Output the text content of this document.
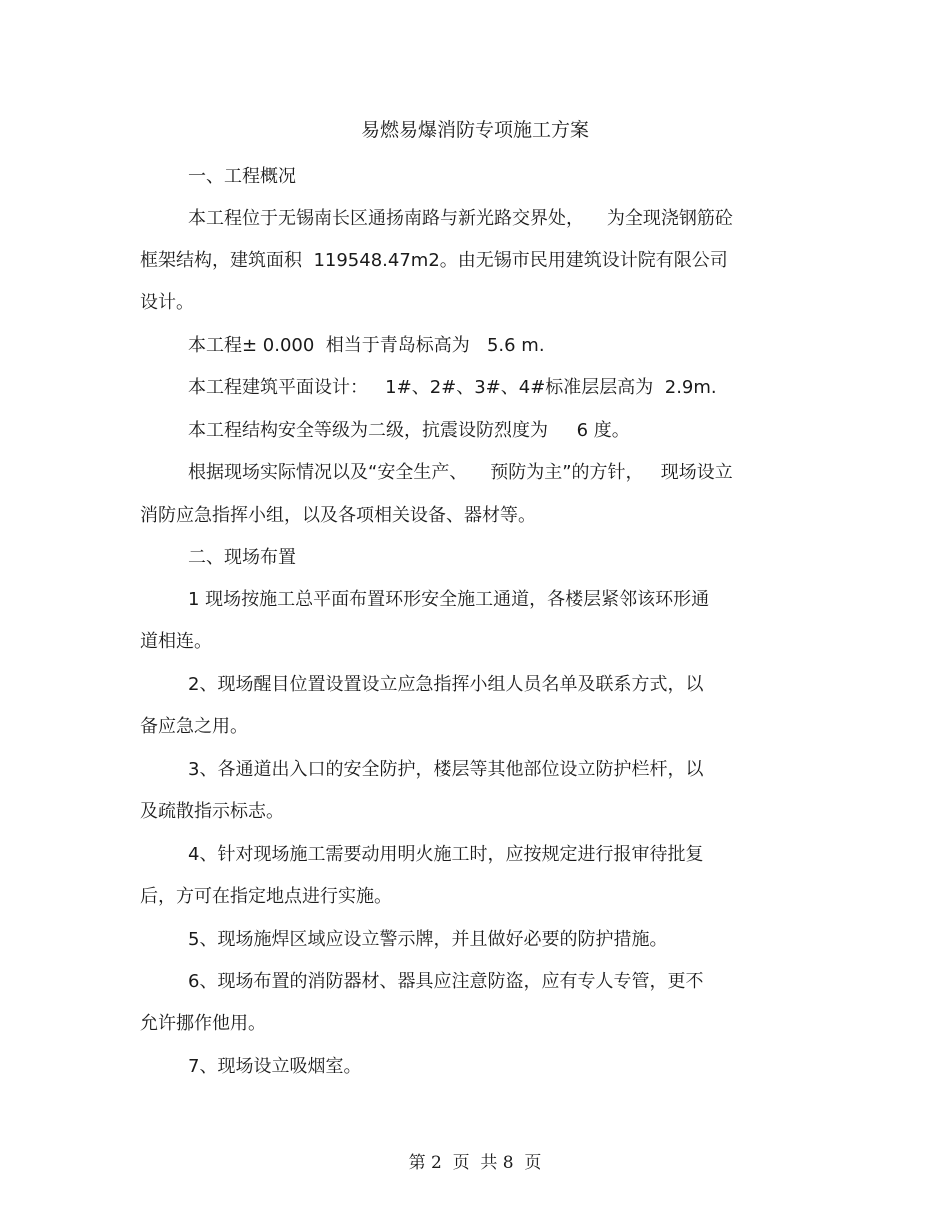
易燃易爆消防专项施工方案

一、工程概况

本工程位于无锡南长区通扬南路与新光路交界处，    为全现浇钢筋砼

框架结构，建筑面积  119548.47m2。由无锡市民用建筑设计院有限公司

设计。

本工程± 0.000  相当于青岛标高为   5.6 m.

本工程建筑平面设计：   1#、2#、3#、4#标准层层高为  2.9m.

本工程结构安全等级为二级，抗震设防烈度为     6 度。

根据现场实际情况以及“安全生产、    预防为主”的方针，   现场设立

消防应急指挥小组，以及各项相关设备、器材等。

二、现场布置

1 现场按施工总平面布置环形安全施工通道，各楼层紧邻该环形通

道相连。

2、现场醒目位置设置设立应急指挥小组人员名单及联系方式，以

备应急之用。

3、各通道出入口的安全防护，楼层等其他部位设立防护栏杆，以

及疏散指示标志。

4、针对现场施工需要动用明火施工时，应按规定进行报审待批复

后，方可在指定地点进行实施。

5、现场施焊区域应设立警示牌，并且做好必要的防护措施。

6、现场布置的消防器材、器具应注意防盗，应有专人专管，更不

允许挪作他用。

7、现场设立吸烟室。

第 2  页  共 8  页
